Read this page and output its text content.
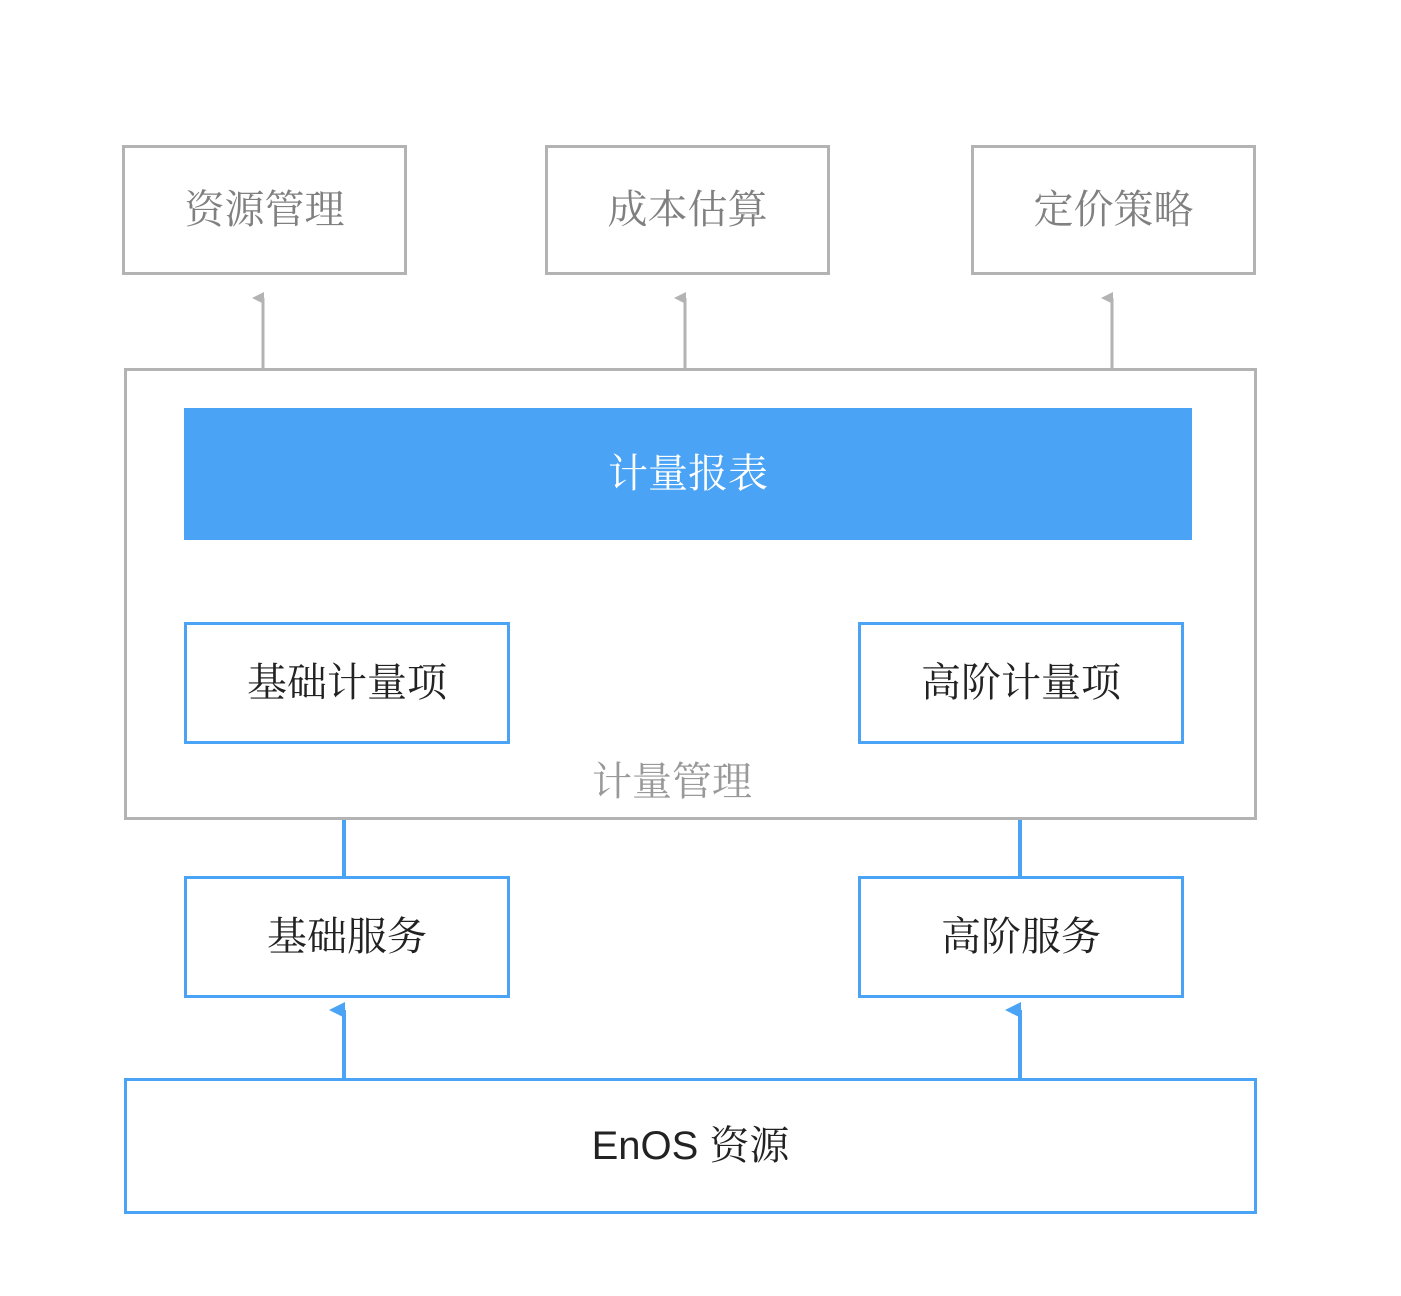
资源管理	成本估算	定价策略
计量管理
计量报表
基础计量项	高阶计量项
基础服务	高阶服务
EnOS 资源
